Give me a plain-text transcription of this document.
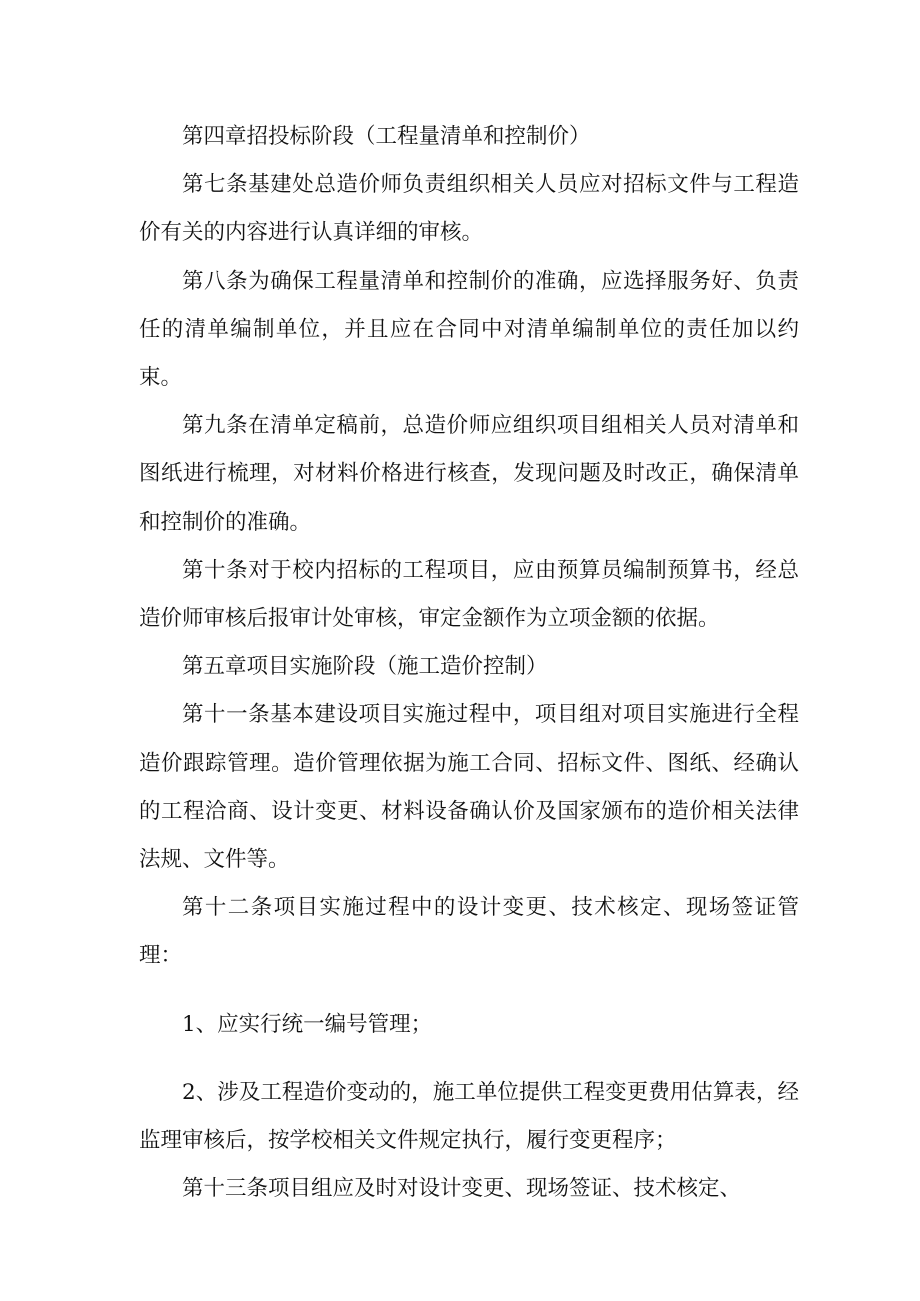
第四章招投标阶段（工程量清单和控制价）

第七条基建处总造价师负责组织相关人员应对招标文件与工程造价有关的内容进行认真详细的审核。

第八条为确保工程量清单和控制价的准确，应选择服务好、负责任的清单编制单位，并且应在合同中对清单编制单位的责任加以约束。

第九条在清单定稿前，总造价师应组织项目组相关人员对清单和图纸进行梳理，对材料价格进行核查，发现问题及时改正，确保清单和控制价的准确。

第十条对于校内招标的工程项目，应由预算员编制预算书，经总造价师审核后报审计处审核，审定金额作为立项金额的依据。

第五章项目实施阶段（施工造价控制）

第十一条基本建设项目实施过程中，项目组对项目实施进行全程造价跟踪管理。造价管理依据为施工合同、招标文件、图纸、经确认的工程洽商、设计变更、材料设备确认价及国家颁布的造价相关法律法规、文件等。

第十二条项目实施过程中的设计变更、技术核定、现场签证管理：

1、应实行统一编号管理；

2、涉及工程造价变动的，施工单位提供工程变更费用估算表，经监理审核后，按学校相关文件规定执行，履行变更程序；

第十三条项目组应及时对设计变更、现场签证、技术核定、
